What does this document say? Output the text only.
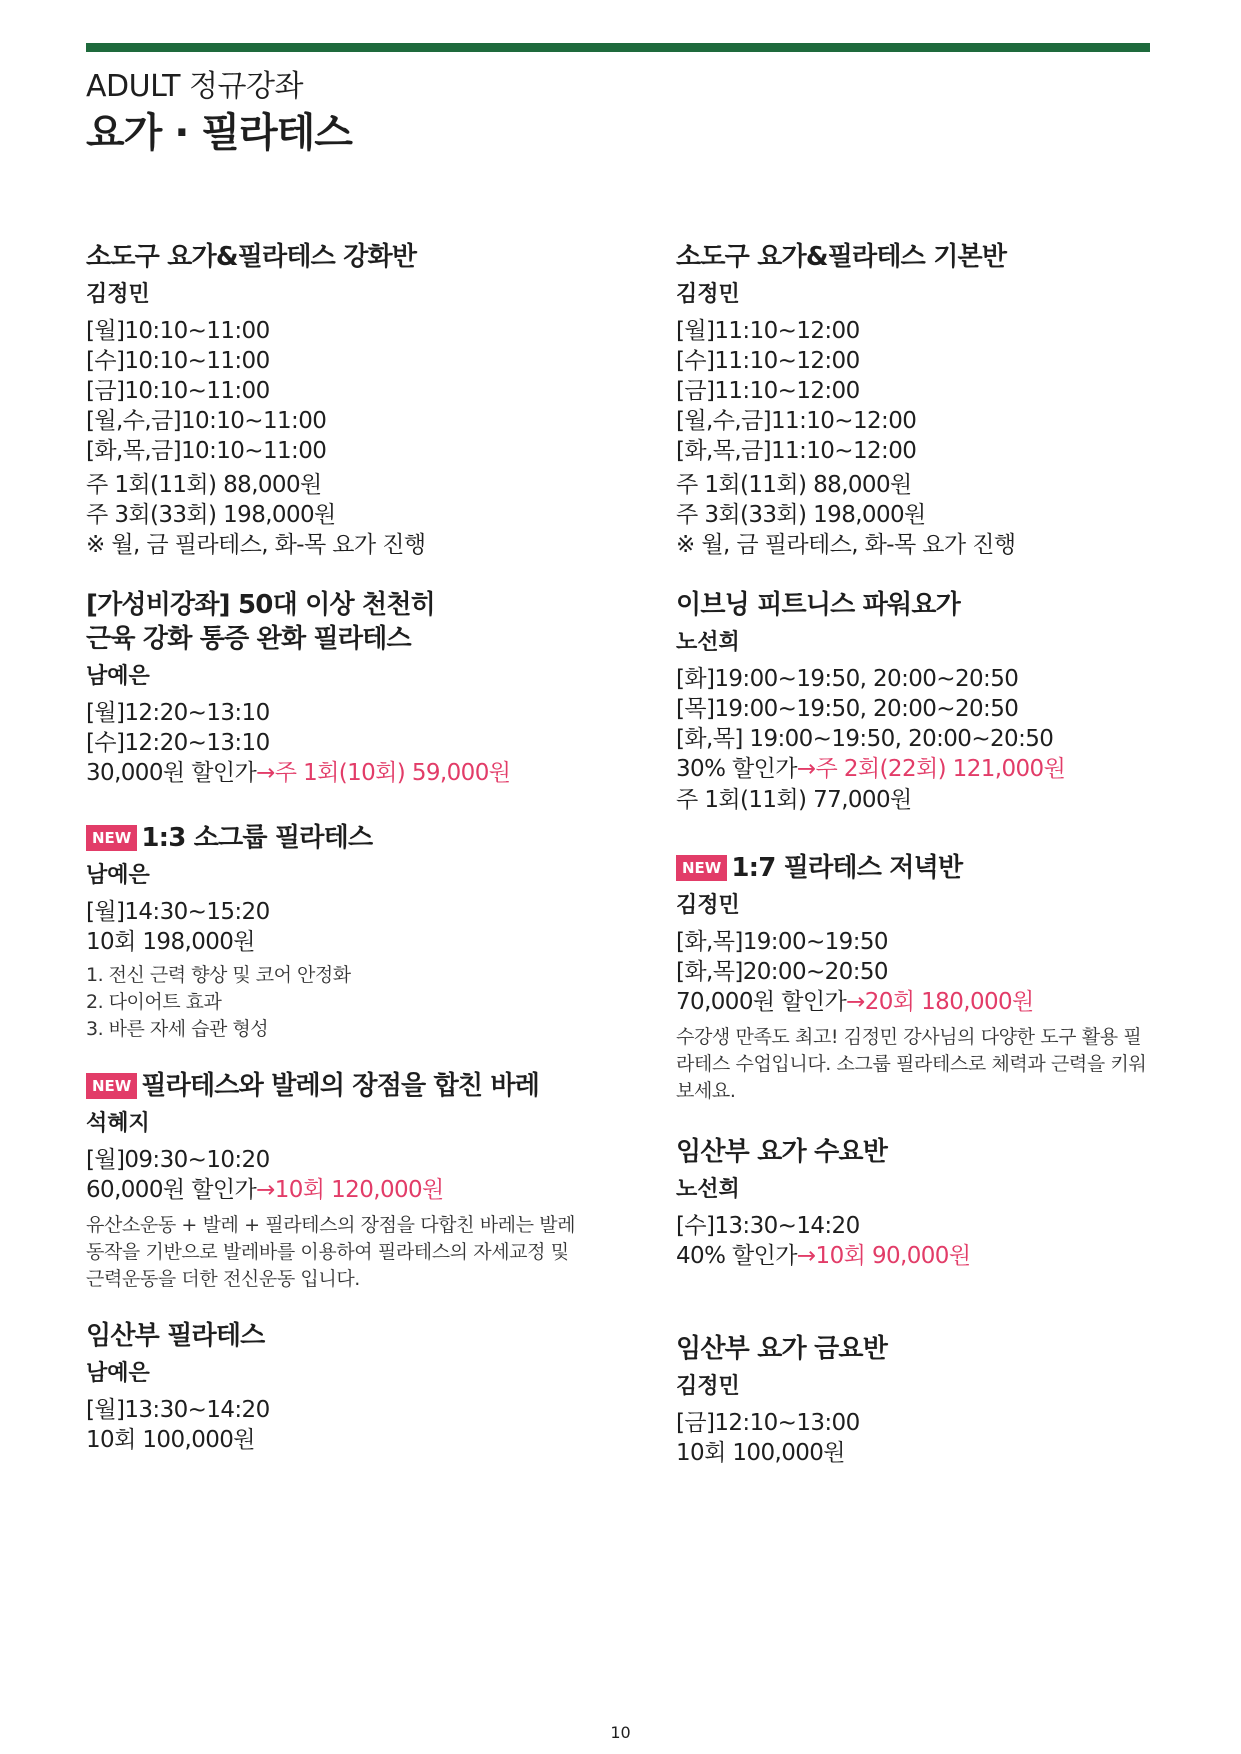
ADULT 정규강좌
요가 · 필라테스
소도구 요가&필라테스 강화반
김정민
[월]10:10~11:00
[수]10:10~11:00
[금]10:10~11:00
[월,수,금]10:10~11:00
[화,목,금]10:10~11:00
주 1회(11회) 88,000원
주 3회(33회) 198,000원
※ 월, 금 필라테스, 화-목 요가 진행
[가성비강좌] 50대 이상 천천히
근육 강화 통증 완화 필라테스
남예은
[월]12:20~13:10
[수]12:20~13:10
30,000원 할인가→주 1회(10회) 59,000원
NEW 1:3 소그룹 필라테스
남예은
[월]14:30~15:20
10회 198,000원
1. 전신 근력 향상 및 코어 안정화
2. 다이어트 효과
3. 바른 자세 습관 형성
NEW 필라테스와 발레의 장점을 합친 바레
석혜지
[월]09:30~10:20
60,000원 할인가→10회 120,000원
유산소운동 + 발레 + 필라테스의 장점을 다합친 바레는 발레 동작을 기반으로 발레바를 이용하여 필라테스의 자세교정 및 근력운동을 더한 전신운동 입니다.
임산부 필라테스
남예은
[월]13:30~14:20
10회 100,000원
소도구 요가&필라테스 기본반
김정민
[월]11:10~12:00
[수]11:10~12:00
[금]11:10~12:00
[월,수,금]11:10~12:00
[화,목,금]11:10~12:00
주 1회(11회) 88,000원
주 3회(33회) 198,000원
※ 월, 금 필라테스, 화-목 요가 진행
이브닝 피트니스 파워요가
노선희
[화]19:00~19:50, 20:00~20:50
[목]19:00~19:50, 20:00~20:50
[화,목] 19:00~19:50, 20:00~20:50
30% 할인가→주 2회(22회) 121,000원
주 1회(11회) 77,000원
NEW 1:7 필라테스 저녁반
김정민
[화,목]19:00~19:50
[화,목]20:00~20:50
70,000원 할인가→20회 180,000원
수강생 만족도 최고! 김정민 강사님의 다양한 도구 활용 필라테스 수업입니다. 소그룹 필라테스로 체력과 근력을 키워보세요.
임산부 요가 수요반
노선희
[수]13:30~14:20
40% 할인가→10회 90,000원
임산부 요가 금요반
김정민
[금]12:10~13:00
10회 100,000원
10
